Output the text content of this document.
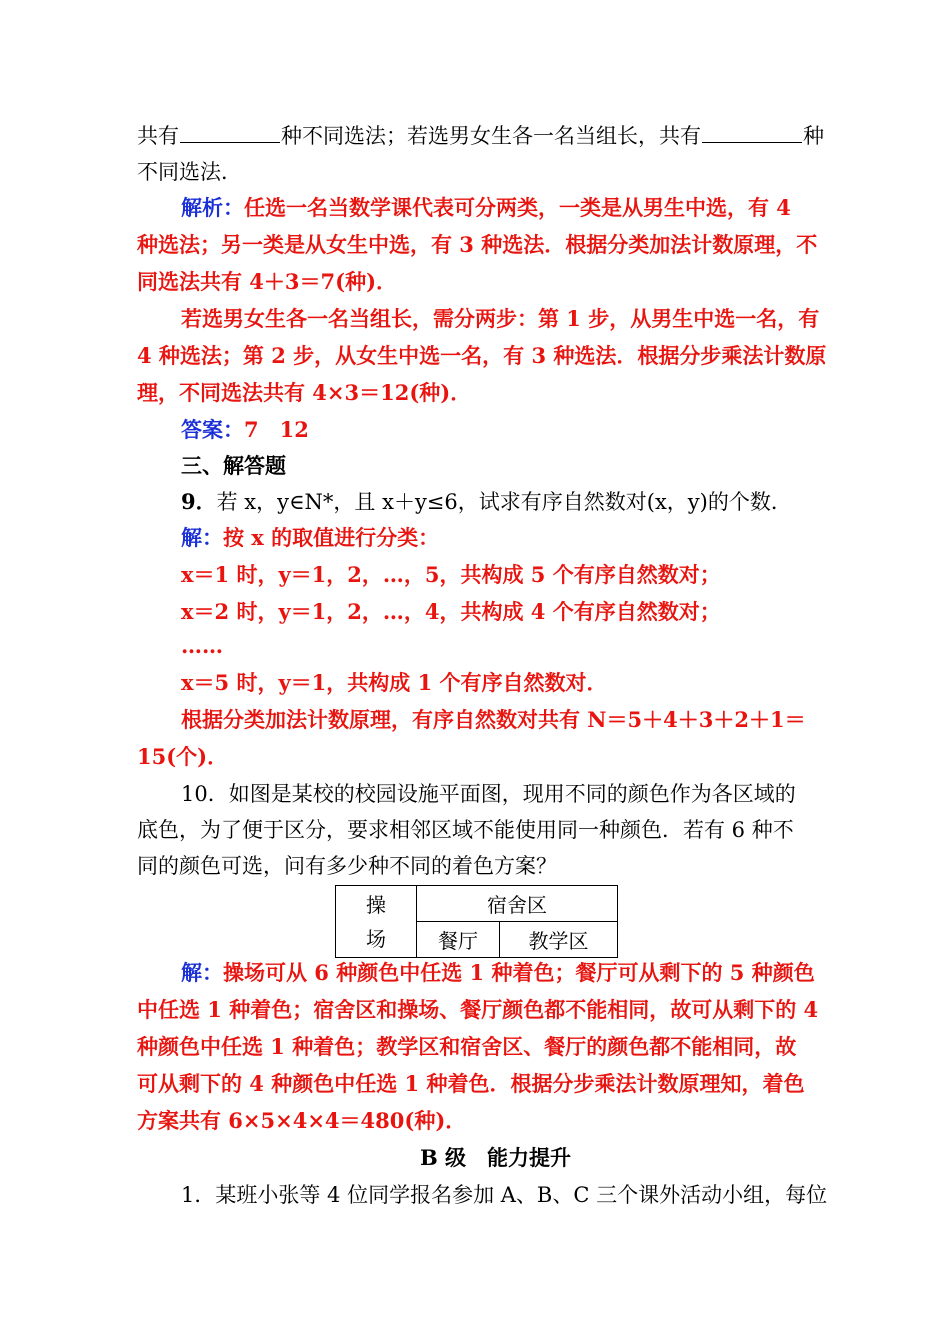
共有	种不同选法；若选男女生各一名当组长，共有	种
不同选法．
解析：任选一名当数学课代表可分两类，一类是从男生中选，有 4
种选法；另一类是从女生中选，有 3 种选法．根据分类加法计数原理，不
同选法共有 4＋3＝7(种)．
若选男女生各一名当组长，需分两步：第 1 步，从男生中选一名，有
4 种选法；第 2 步，从女生中选一名，有 3 种选法．根据分步乘法计数原
理，不同选法共有 4×3＝12(种)．
答案：7　12
三、解答题
9．若 x，y∈N*，且 x＋y≤6，试求有序自然数对(x，y)的个数．
解：按 x 的取值进行分类：
x＝1 时，y＝1，2，…，5，共构成 5 个有序自然数对；
x＝2 时，y＝1，2，…，4，共构成 4 个有序自然数对；
……
x＝5 时，y＝1，共构成 1 个有序自然数对．
根据分类加法计数原理，有序自然数对共有 N＝5＋4＋3＋2＋1＝
15(个)．
10．如图是某校的校园设施平面图，现用不同的颜色作为各区域的
底色，为了便于区分，要求相邻区域不能使用同一种颜色．若有 6 种不
同的颜色可选，问有多少种不同的着色方案？
操
场	宿舍区	
	餐厅	教学区
解：操场可从 6 种颜色中任选 1 种着色；餐厅可从剩下的 5 种颜色
中任选 1 种着色；宿舍区和操场、餐厅颜色都不能相同，故可从剩下的 4
种颜色中任选 1 种着色；教学区和宿舍区、餐厅的颜色都不能相同，故
可从剩下的 4 种颜色中任选 1 种着色．根据分步乘法计数原理知，着色
方案共有 6×5×4×4＝480(种)．
B 级　能力提升
1．某班小张等 4 位同学报名参加 A、B、C 三个课外活动小组，每位
